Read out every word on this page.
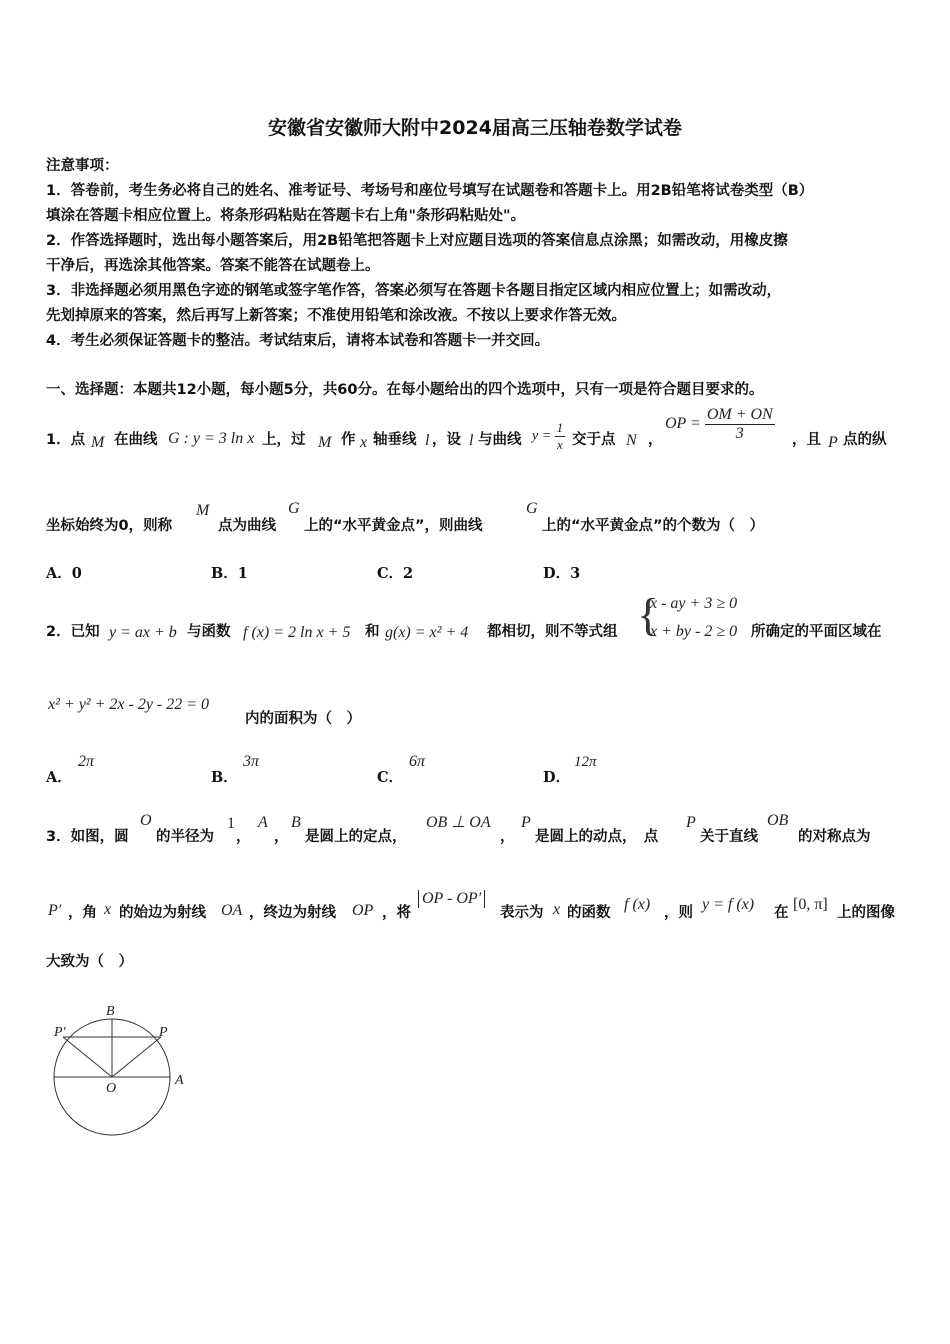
安徽省安徽师大附中2024届高三压轴卷数学试卷
注意事项：
1．答卷前，考生务必将自己的姓名、准考证号、考场号和座位号填写在试题卷和答题卡上。用2B铅笔将试卷类型（B）
填涂在答题卡相应位置上。将条形码粘贴在答题卡右上角"条形码粘贴处"。
2．作答选择题时，选出每小题答案后，用2B铅笔把答题卡上对应题目选项的答案信息点涂黑；如需改动，用橡皮擦
干净后，再选涂其他答案。答案不能答在试题卷上。
3．非选择题必须用黑色字迹的钢笔或签字笔作答，答案必须写在答题卡各题目指定区域内相应位置上；如需改动，
先划掉原来的答案，然后再写上新答案；不准使用铅笔和涂改液。不按以上要求作答无效。
4．考生必须保证答题卡的整洁。考试结束后，请将本试卷和答题卡一并交回。
一、选择题：本题共12小题，每小题5分，共60分。在每小题给出的四个选项中，只有一项是符合题目要求的。
1．点 M 在曲线 G : y = 3 ln x 上，过 M 作 x 轴垂线 l ，设 l 与曲线 $y = \frac{1}{x}$ 交于点 N ，
OP = $\frac{OM + ON}{3}$ ，且 P 点的纵
坐标始终为0，则称
M
点为曲线
G
上的“水平黄金点”，则曲线
G
上的“水平黄金点”的个数为（　）
A．0	B．1	C．2	D．3
2．已知 y = ax + b 与函数 f (x) = 2 ln x + 5 和 g(x) = x² + 4 都相切，则不等式组 {
x - ay + 3 ≥ 0
x + by - 2 ≥ 0 所确定的平面区域在
x² + y² + 2x - 2y - 22 = 0
内的面积为（　）
A．
2π
B．
3π
C．
6π
D．
12π
3．如图，圆
O
的半径为
1
，
A
，
B
是圆上的定点，
OB ⊥ OA
，
P
是圆上的动点，　点
P
关于直线
OB
的对称点为
P′ ，角 x 的始边为射线 OA ，终边为射线 OP ，将
OP - OP′
表示为 x 的函数 f (x) ，则 y = f (x) 在 [0, π] 上的图像
大致为（　）
B
P
P′
O
A
